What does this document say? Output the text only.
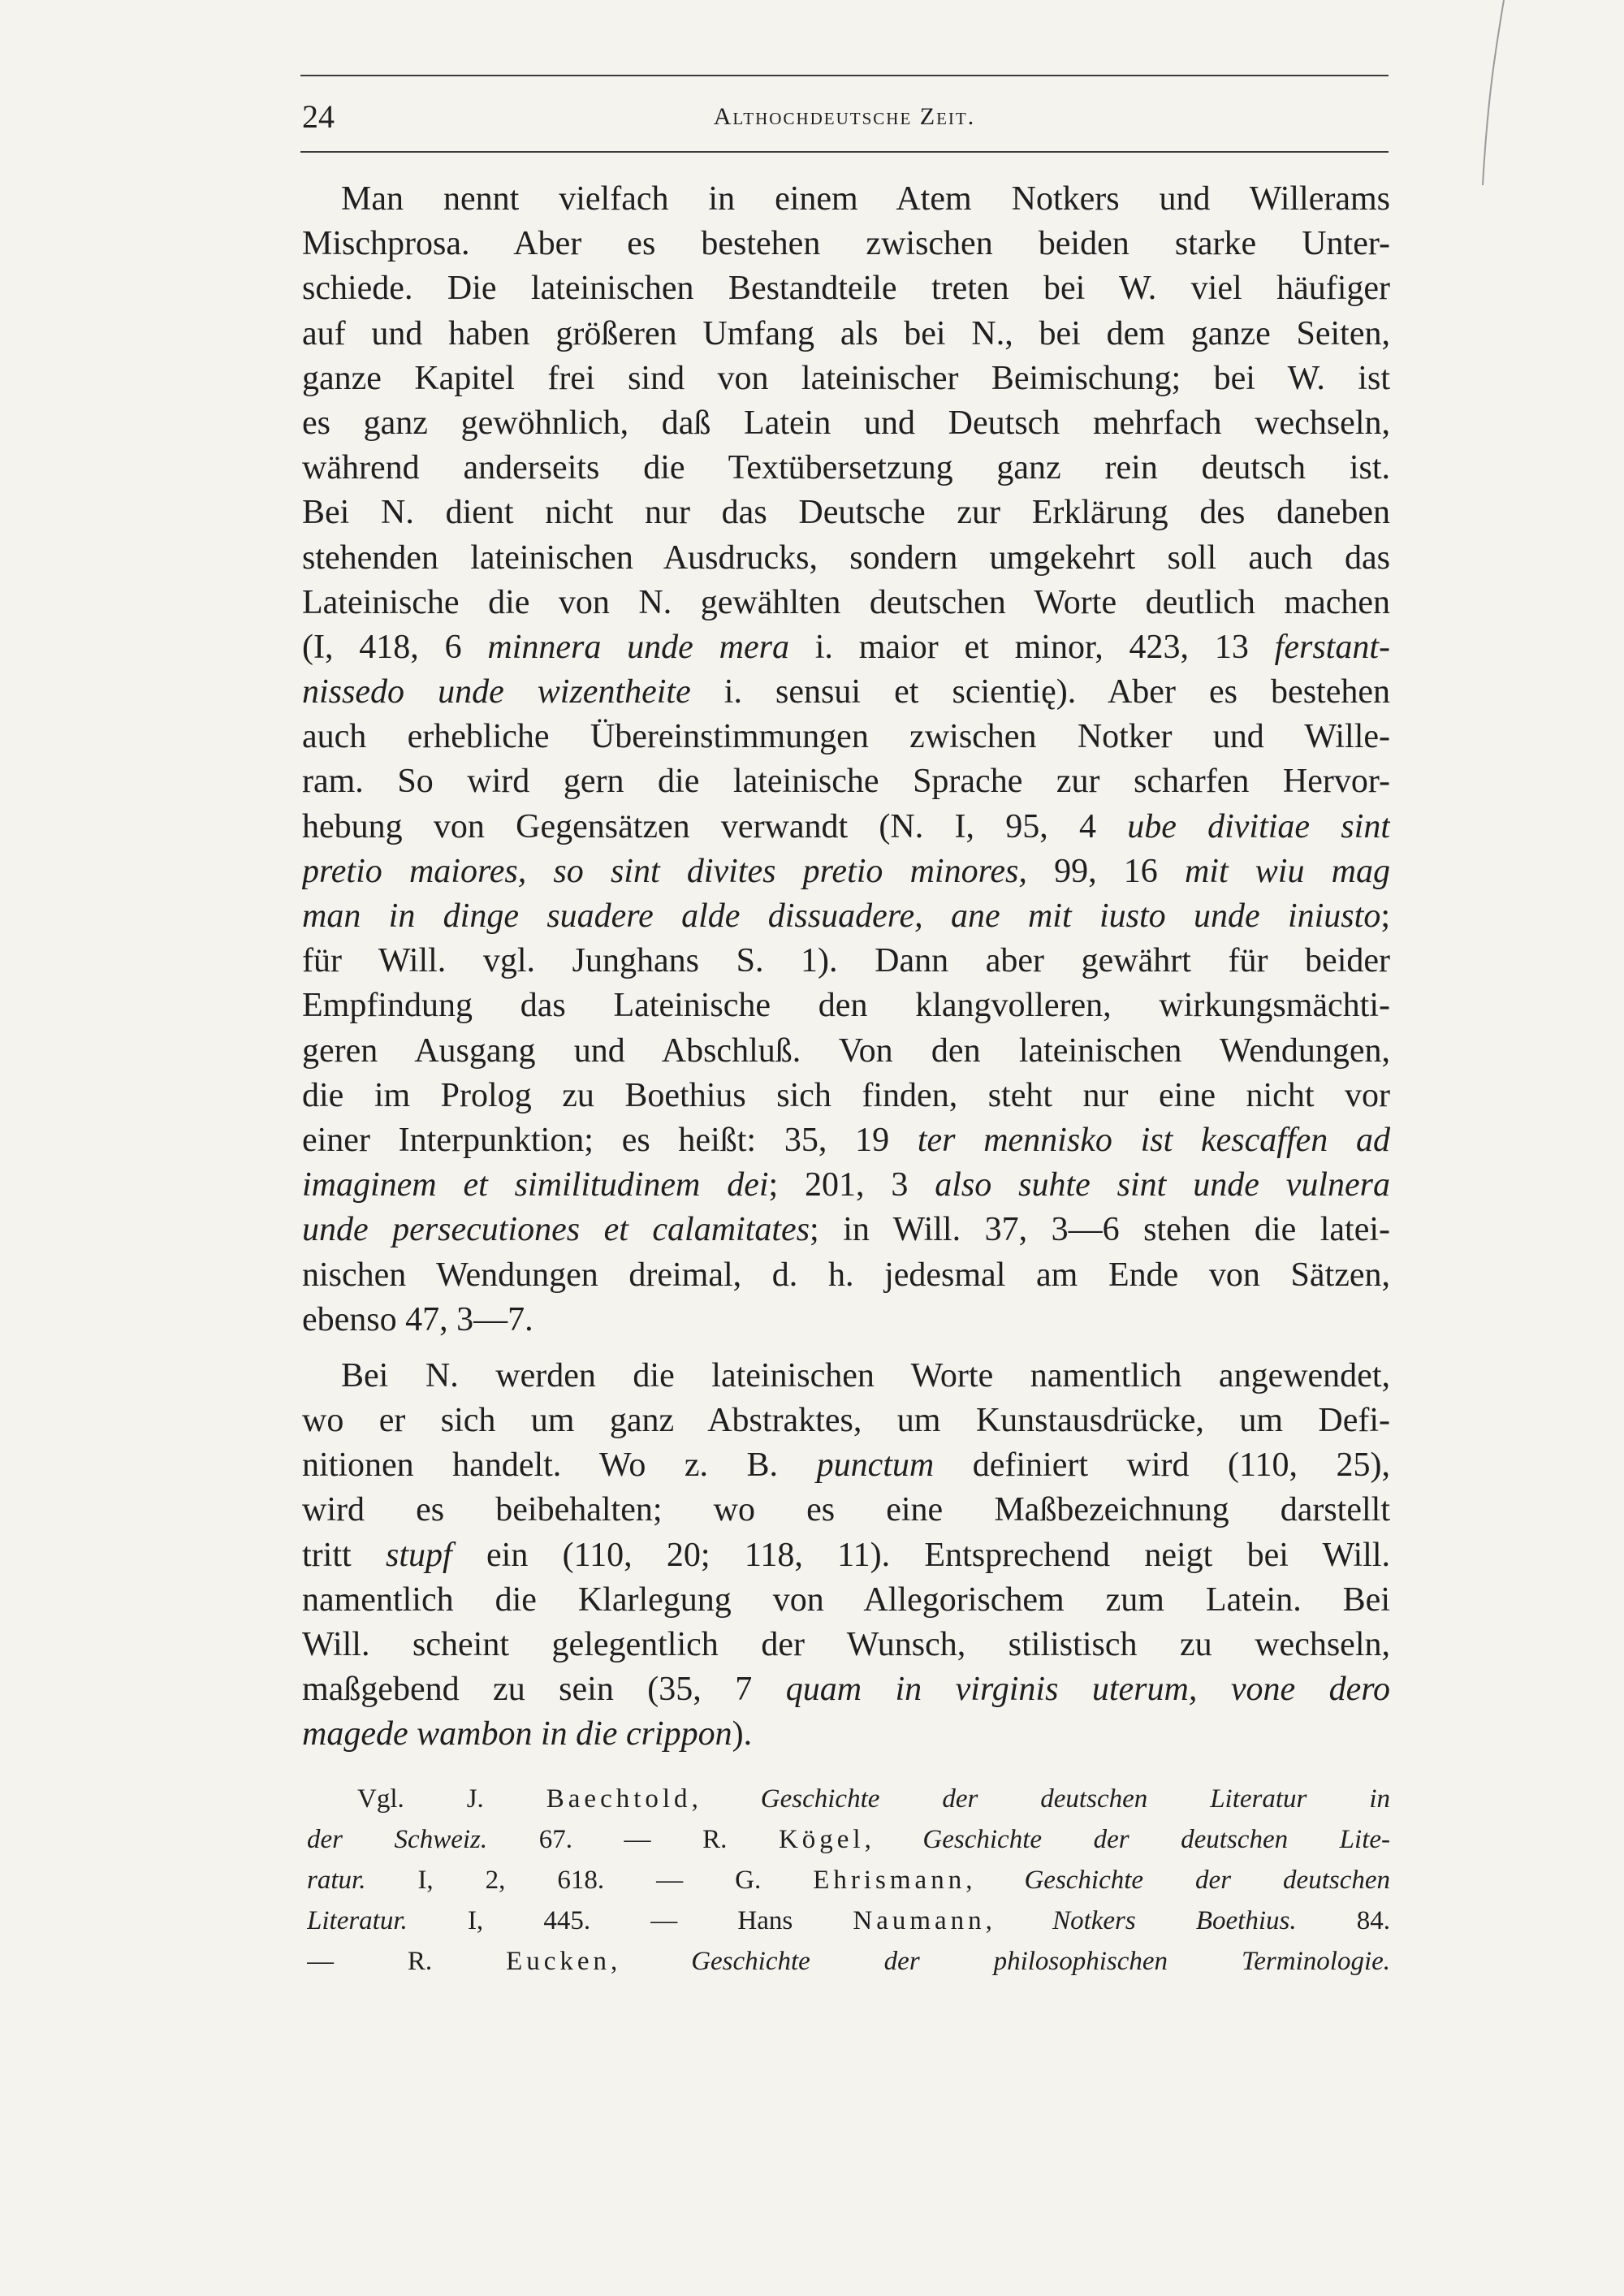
24	Althochdeutsche Zeit.
Man nennt vielfach in einem Atem Notkers und Willerams
Mischprosa. Aber es bestehen zwischen beiden starke Unter-
schiede. Die lateinischen Bestandteile treten bei W. viel häufiger
auf und haben größeren Umfang als bei N., bei dem ganze Seiten,
ganze Kapitel frei sind von lateinischer Beimischung; bei W. ist
es ganz gewöhnlich, daß Latein und Deutsch mehrfach wechseln,
während anderseits die Textübersetzung ganz rein deutsch ist.
Bei N. dient nicht nur das Deutsche zur Erklärung des daneben
stehenden lateinischen Ausdrucks, sondern umgekehrt soll auch das
Lateinische die von N. gewählten deutschen Worte deutlich machen
(I, 418, 6 minnera unde mera i. maior et minor, 423, 13 ferstant-
nissedo unde wizentheite i. sensui et scientię). Aber es bestehen
auch erhebliche Übereinstimmungen zwischen Notker und Wille-
ram. So wird gern die lateinische Sprache zur scharfen Hervor-
hebung von Gegensätzen verwandt (N. I, 95, 4 ube divitiae sint
pretio maiores, so sint divites pretio minores, 99, 16 mit wiu mag
man in dinge suadere alde dissuadere, ane mit iusto unde iniusto;
für Will. vgl. Junghans S. 1). Dann aber gewährt für beider
Empfindung das Lateinische den klangvolleren, wirkungsmächti-
geren Ausgang und Abschluß. Von den lateinischen Wendungen,
die im Prolog zu Boethius sich finden, steht nur eine nicht vor
einer Interpunktion; es heißt: 35, 19 ter mennisko ist kescaffen ad
imaginem et similitudinem dei; 201, 3 also suhte sint unde vulnera
unde persecutiones et calamitates; in Will. 37, 3—6 stehen die latei-
nischen Wendungen dreimal, d. h. jedesmal am Ende von Sätzen,
ebenso 47, 3—7.
Bei N. werden die lateinischen Worte namentlich angewendet,
wo er sich um ganz Abstraktes, um Kunstausdrücke, um Defi-
nitionen handelt. Wo z. B. punctum definiert wird (110, 25),
wird es beibehalten; wo es eine Maßbezeichnung darstellt
tritt stupf ein (110, 20; 118, 11). Entsprechend neigt bei Will.
namentlich die Klarlegung von Allegorischem zum Latein. Bei
Will. scheint gelegentlich der Wunsch, stilistisch zu wechseln,
maßgebend zu sein (35, 7 quam in virginis uterum, vone dero
magede wambon in die crippon).
Vgl. J. Baechtold, Geschichte der deutschen Literatur in
der Schweiz. 67. — R. Kögel, Geschichte der deutschen Lite-
ratur. I, 2, 618. — G. Ehrismann, Geschichte der deutschen
Literatur. I, 445. — Hans Naumann, Notkers Boethius. 84.
— R. Eucken, Geschichte der philosophischen Terminologie.
